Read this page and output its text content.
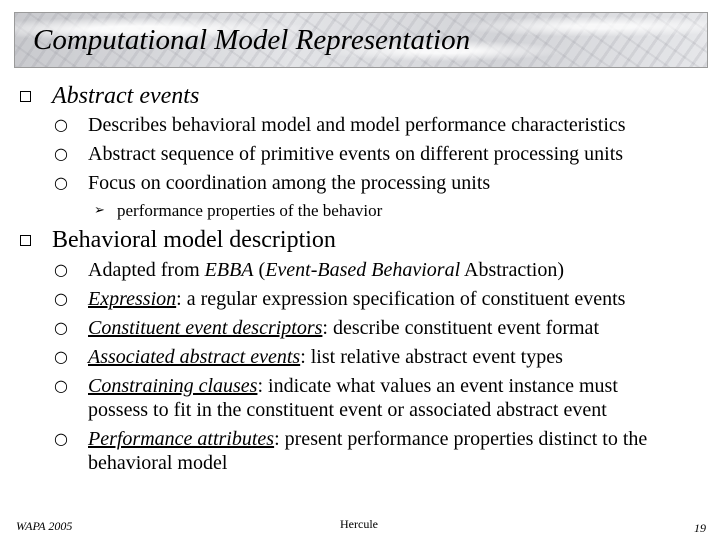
Computational Model Representation
Abstract events
○ Describes behavioral model and model performance characteristics
○ Abstract sequence of primitive events on different processing units
○ Focus on coordination among the processing units
➢ performance properties of the behavior
Behavioral model description
○ Adapted from EBBA (Event-Based Behavioral Abstraction)
○ Expression: a regular expression specification of constituent events
○ Constituent event descriptors: describe constituent event format
○ Associated abstract events: list relative abstract event types
○ Constraining clauses: indicate what values an event instance must
possess to fit in the constituent event or associated abstract event
○ Performance attributes: present performance properties distinct to the
behavioral model
WAPA 2005	Hercule	19
